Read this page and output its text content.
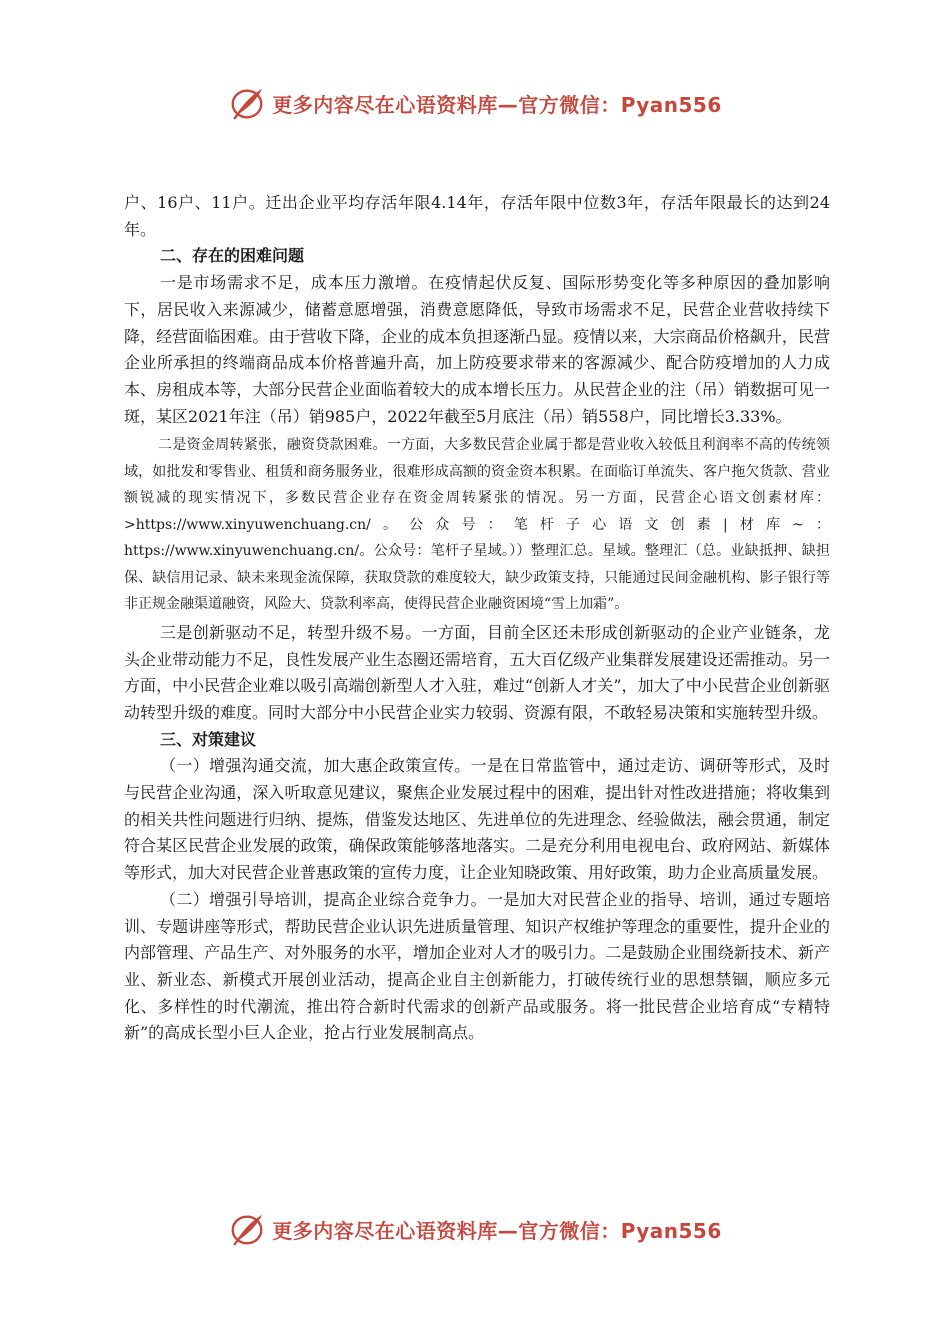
更多内容尽在心语资料库—官方微信：Pyan556

户、16户、11户。迁出企业平均存活年限4.14年，存活年限中位数3年，存活年限最长的达到24年。

二、存在的困难问题

一是市场需求不足，成本压力激增。在疫情起伏反复、国际形势变化等多种原因的叠加影响下，居民收入来源减少，储蓄意愿增强，消费意愿降低，导致市场需求不足，民营企业营收持续下降，经营面临困难。由于营收下降，企业的成本负担逐渐凸显。疫情以来，大宗商品价格飙升，民营企业所承担的终端商品成本价格普遍升高，加上防疫要求带来的客源减少、配合防疫增加的人力成本、房租成本等，大部分民营企业面临着较大的成本增长压力。从民营企业的注（吊）销数据可见一斑，某区2021年注（吊）销985户，2022年截至5月底注（吊）销558户，同比增长3.33%。

二是资金周转紧张，融资贷款困难。一方面，大多数民营企业属于都是营业收入较低且利润率不高的传统领域，如批发和零售业、租赁和商务服务业，很难形成高额的资金资本积累。在面临订单流失、客户拖欠货款、营业额锐减的现实情况下，多数民营企业存在资金周转紧张的情况。另一方面，民营企心语文创素材库：>https://www.xinyuwenchuang.cn/。公众号：笔杆子心语文创素|材库~：https://www.xinyuwenchuang.cn/。公众号：笔杆子星域。））整理汇总。星域。整理汇（总。业缺抵押、缺担保、缺信用记录、缺未来现金流保障，获取贷款的难度较大，缺少政策支持，只能通过民间金融机构、影子银行等非正规金融渠道融资，风险大、贷款利率高，使得民营企业融资困境“雪上加霜”。

三是创新驱动不足，转型升级不易。一方面，目前全区还未形成创新驱动的企业产业链条，龙头企业带动能力不足，良性发展产业生态圈还需培育，五大百亿级产业集群发展建设还需推动。另一方面，中小民营企业难以吸引高端创新型人才入驻，难过“创新人才关”，加大了中小民营企业创新驱动转型升级的难度。同时大部分中小民营企业实力较弱、资源有限，不敢轻易决策和实施转型升级。

三、对策建议

（一）增强沟通交流，加大惠企政策宣传。一是在日常监管中，通过走访、调研等形式，及时与民营企业沟通，深入听取意见建议，聚焦企业发展过程中的困难，提出针对性改进措施；将收集到的相关共性问题进行归纳、提炼，借鉴发达地区、先进单位的先进理念、经验做法，融会贯通，制定符合某区民营企业发展的政策，确保政策能够落地落实。二是充分利用电视电台、政府网站、新媒体等形式，加大对民营企业普惠政策的宣传力度，让企业知晓政策、用好政策，助力企业高质量发展。

（二）增强引导培训，提高企业综合竞争力。一是加大对民营企业的指导、培训，通过专题培训、专题讲座等形式，帮助民营企业认识先进质量管理、知识产权维护等理念的重要性，提升企业的内部管理、产品生产、对外服务的水平，增加企业对人才的吸引力。二是鼓励企业围绕新技术、新产业、新业态、新模式开展创业活动，提高企业自主创新能力，打破传统行业的思想禁锢，顺应多元化、多样性的时代潮流，推出符合新时代需求的创新产品或服务。将一批民营企业培育成“专精特新”的高成长型小巨人企业，抢占行业发展制高点。

更多内容尽在心语资料库—官方微信：Pyan556
